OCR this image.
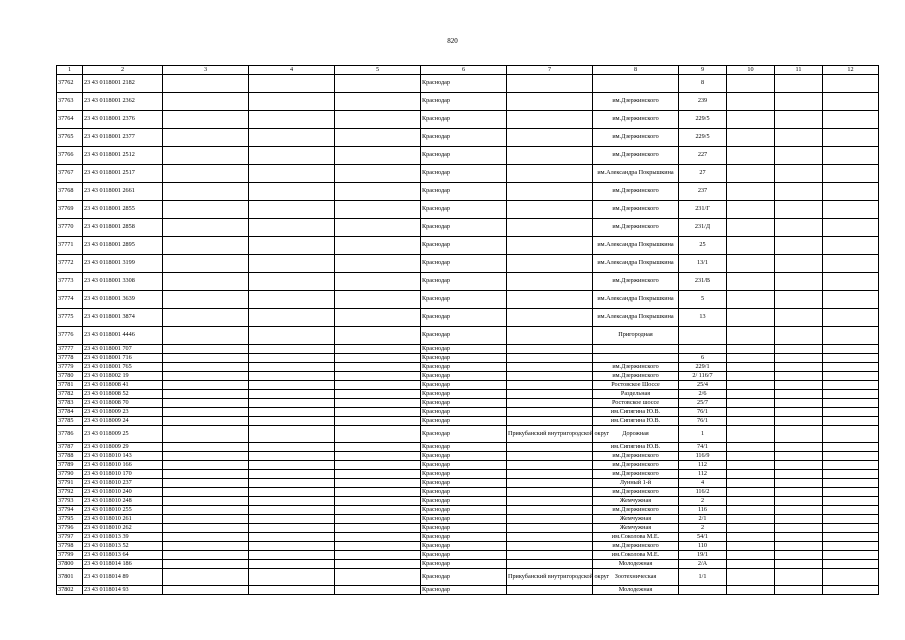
820
1	2	3	4	5	6	7	8	9	10	11	12
37762	23 43 0118001 2182				Краснодар			8			
37763	23 43 0118001 2362				Краснодар		им.Дзержинского	239			
37764	23 43 0118001 2376				Краснодар		им.Дзержинского	229/5			
37765	23 43 0118001 2377				Краснодар		им.Дзержинского	229/5			
37766	23 43 0118001 2512				Краснодар		им.Дзержинского	227			
37767	23 43 0118001 2517				Краснодар		им.Александра Покрышкина	27			
37768	23 43 0118001 2661				Краснодар		им.Дзержинского	237			
37769	23 43 0118001 2855				Краснодар		им.Дзержинского	231/Г			
37770	23 43 0118001 2858				Краснодар		им.Дзержинского	231/Д			
37771	23 43 0118001 2895				Краснодар		им.Александра Покрышкина	25			
37772	23 43 0118001 3199				Краснодар		им.Александра Покрышкина	13/1			
37773	23 43 0118001 3308				Краснодар		им.Дзержинского	231/В			
37774	23 43 0118001 3639				Краснодар		им.Александра Покрышкина	5			
37775	23 43 0118001 3874				Краснодар		им.Александра Покрышкина	13			
37776	23 43 0118001 4446				Краснодар		Пригородная				
37777	23 43 0118001 707				Краснодар						
37778	23 43 0118001 716				Краснодар			6			
37779	23 43 0118001 765				Краснодар		им.Дзержинского	229/1			
37780	23 43 0118002 19				Краснодар		им.Дзержинского	2/ 116/7			
37781	23 43 0118008 41				Краснодар		Ростовское Шоссе	25/4			
37782	23 43 0118008 52				Краснодар		Раздельная	2/6			
37783	23 43 0118008 70				Краснодар		Ростовское шоссе	25/7			
37784	23 43 0118009 23				Краснодар		им.Сипягина Ю.В.	76/1			
37785	23 43 0118009 24				Краснодар		им.Сипягина Ю.В.	76/1			
37786	23 43 0118009 25				Краснодар	Прикубанский внутригородской округ	Дорожная	1			
37787	23 43 0118009 29				Краснодар		им.Сипягина Ю.В.	74/1			
37788	23 43 0118010 143				Краснодар		им.Дзержинского	116/9			
37789	23 43 0118010 166				Краснодар		им.Дзержинского	112			
37790	23 43 0118010 170				Краснодар		им.Дзержинского	112			
37791	23 43 0118010 237				Краснодар		Лунный 1-й	4			
37792	23 43 0118010 240				Краснодар		им.Дзержинского	116/2			
37793	23 43 0118010 248				Краснодар		Жемчужная	2			
37794	23 43 0118010 255				Краснодар		им.Дзержинского	116			
37795	23 43 0118010 261				Краснодар		Жемчужная	2/1			
37796	23 43 0118010 262				Краснодар		Жемчужная	2			
37797	23 43 0118013 39				Краснодар		им.Соколова М.Е.	54/1			
37798	23 43 0118013 52				Краснодар		им.Дзержинского	110			
37799	23 43 0118013 64				Краснодар		им.Соколова М.Е.	19/1			
37800	23 43 0118014 186				Краснодар		Молодежная	2/А			
37801	23 43 0118014 89				Краснодар	Прикубанский внутригородской округ	Зоотехническая	1/1			
37802	23 43 0118014 93				Краснодар		Молодежная				
